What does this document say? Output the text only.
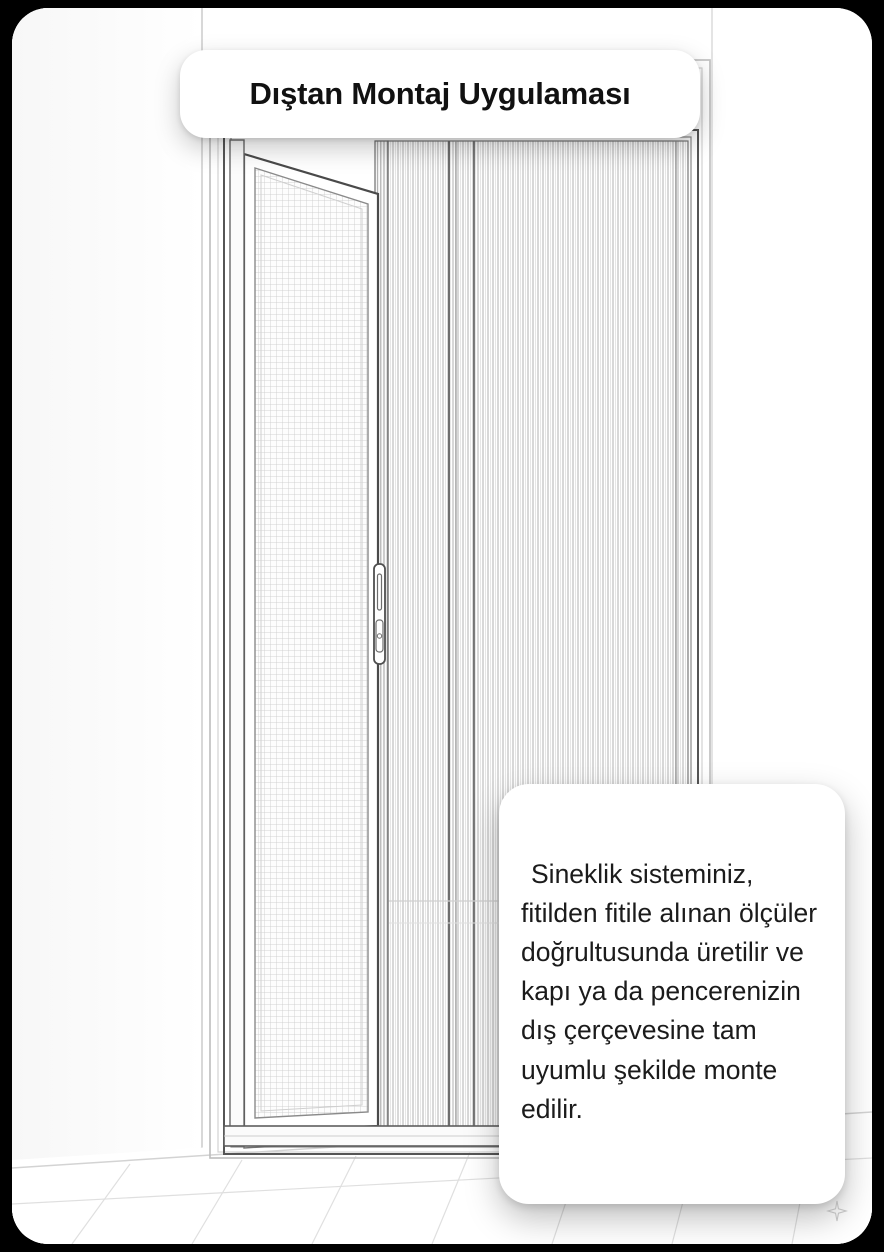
Dıştan Montaj Uygulaması

Sineklik sisteminiz, fitilden fitile alınan ölçüler doğrultusunda üretilir ve kapı ya da pencerenizin dış çerçevesine tam uyumlu şekilde monte edilir.
